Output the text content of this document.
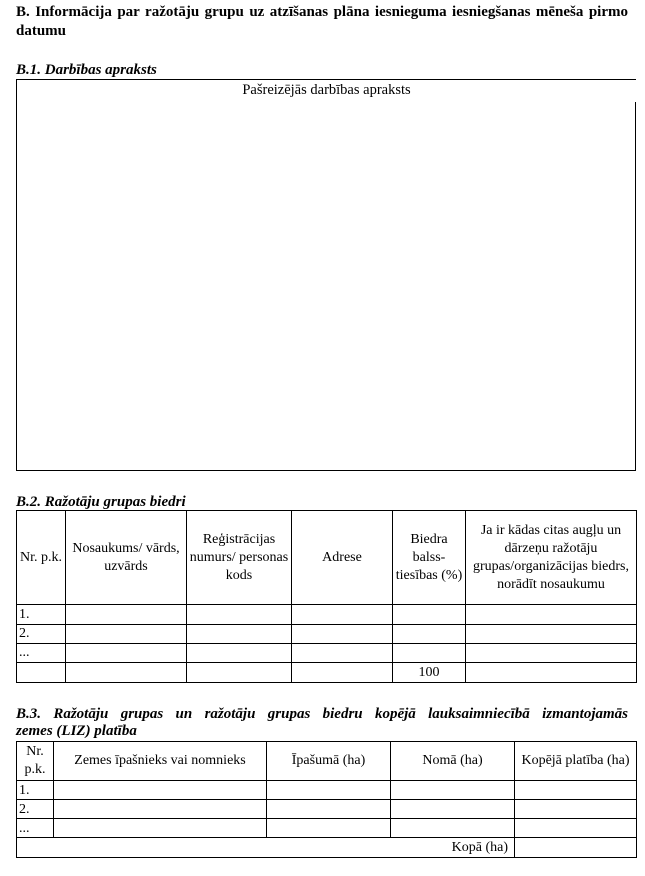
B. Informācija par ražotāju grupu uz atzīšanas plāna iesnieguma iesniegšanas mēneša pirmo datumu

B.1. Darbības apraksts

Pašreizējās darbības apraksts

B.2. Ražotāju grupas biedri

Nr. p.k.	Nosaukums/ vārds, uzvārds	Reģistrācijas numurs/ personas kods	Adrese	Biedra balss- tiesības (%)	Ja ir kādas citas augļu un dārzeņu ražotāju grupas/organizācijas biedrs, norādīt nosaukumu
1.					
2.					
...					
				100	
B.3. Ražotāju grupas un ražotāju grupas biedru kopējā lauksaimniecībā izmantojamās
zemes (LIZ) platība
Nr. p.k.	Zemes īpašnieks vai nomnieks	Īpašumā (ha)	Nomā (ha)	Kopējā platība (ha)
1.				
2.				
...				
Kopā (ha)				
